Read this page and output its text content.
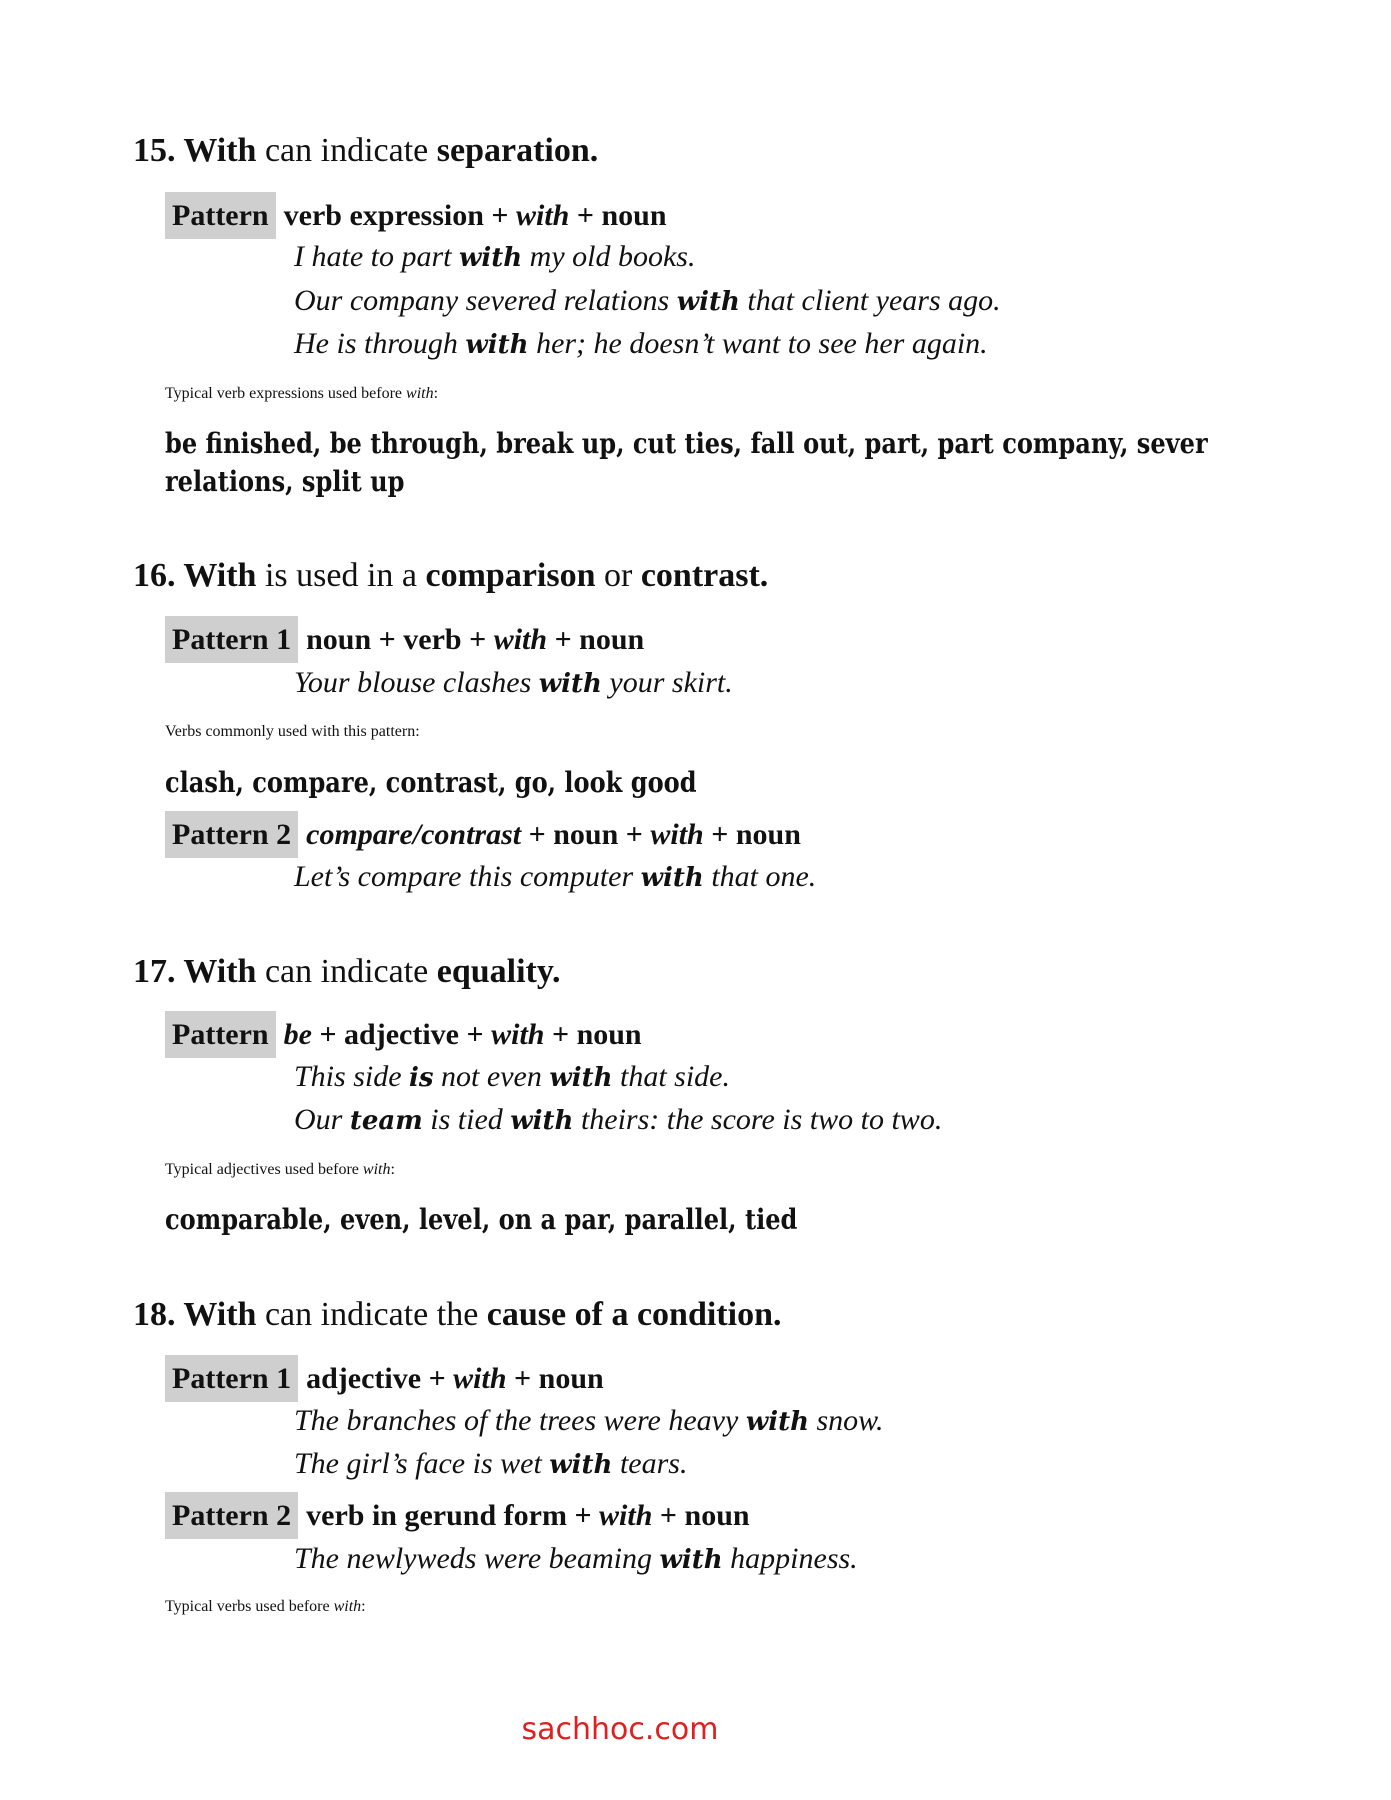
15. With can indicate separation.
Pattern verb expression + with + noun
I hate to part with my old books.
Our company severed relations with that client years ago.
He is through with her; he doesn’t want to see her again.
Typical verb expressions used before with:
be finished, be through, break up, cut ties, fall out, part, part company, sever
relations, split up
16. With is used in a comparison or contrast.
Pattern 1 noun + verb + with + noun
Your blouse clashes with your skirt.
Verbs commonly used with this pattern:
clash, compare, contrast, go, look good
Pattern 2 compare/contrast + noun + with + noun
Let’s compare this computer with that one.
17. With can indicate equality.
Pattern be + adjective + with + noun
This side is not even with that side.
Our team is tied with theirs: the score is two to two.
Typical adjectives used before with:
comparable, even, level, on a par, parallel, tied
18. With can indicate the cause of a condition.
Pattern 1 adjective + with + noun
The branches of the trees were heavy with snow.
The girl’s face is wet with tears.
Pattern 2 verb in gerund form + with + noun
The newlyweds were beaming with happiness.
Typical verbs used before with:
sachhoc.com
